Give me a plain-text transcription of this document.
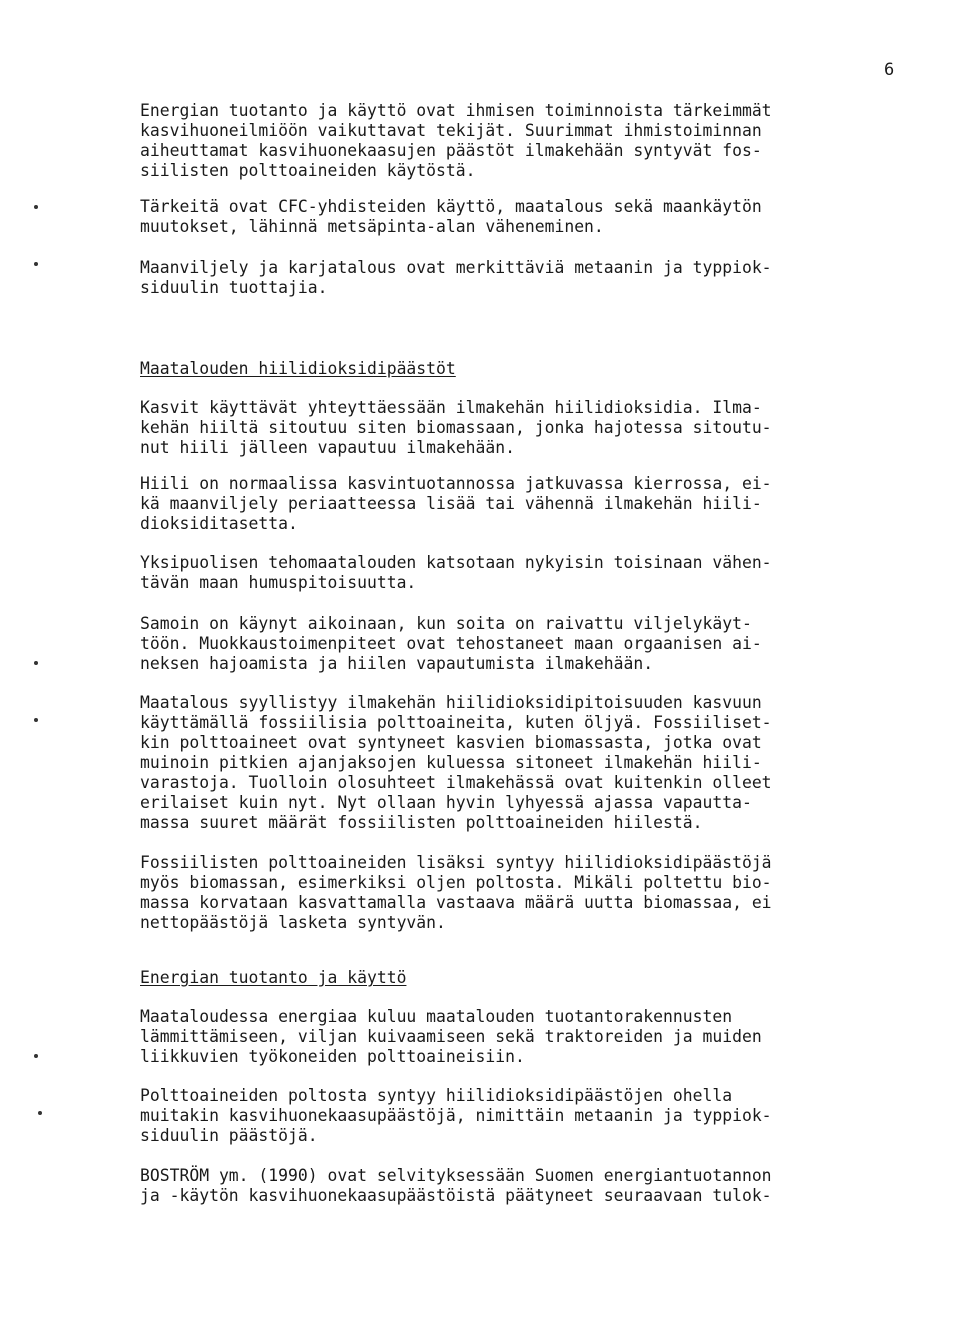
6

Energian tuotanto ja käyttö ovat ihmisen toiminnoista tärkeimmät
kasvihuoneilmiöön vaikuttavat tekijät. Suurimmat ihmistoiminnan
aiheuttamat kasvihuonekaasujen päästöt ilmakehään syntyvät fos-
siilisten polttoaineiden käytöstä.

Tärkeitä ovat CFC-yhdisteiden käyttö, maatalous sekä maankäytön
muutokset, lähinnä metsäpinta-alan väheneminen.

Maanviljely ja karjatalous ovat merkittäviä metaanin ja typpiok-
siduulin tuottajia.

Maatalouden hiilidioksidipäästöt

Kasvit käyttävät yhteyttäessään ilmakehän hiilidioksidia. Ilma-
kehän hiiltä sitoutuu siten biomassaan, jonka hajotessa sitoutu-
nut hiili jälleen vapautuu ilmakehään.

Hiili on normaalissa kasvintuotannossa jatkuvassa kierrossa, ei-
kä maanviljely periaatteessa lisää tai vähennä ilmakehän hiili-
dioksiditasetta.

Yksipuolisen tehomaatalouden katsotaan nykyisin toisinaan vähen-
tävän maan humuspitoisuutta.

Samoin on käynyt aikoinaan, kun soita on raivattu viljelykäyt-
töön. Muokkaustoimenpiteet ovat tehostaneet maan orgaanisen ai-
neksen hajoamista ja hiilen vapautumista ilmakehään.

Maatalous syyllistyy ilmakehän hiilidioksidipitoisuuden kasvuun
käyttämällä fossiilisia polttoaineita, kuten öljyä. Fossiiliset-
kin polttoaineet ovat syntyneet kasvien biomassasta, jotka ovat
muinoin pitkien ajanjaksojen kuluessa sitoneet ilmakehän hiili-
varastoja. Tuolloin olosuhteet ilmakehässä ovat kuitenkin olleet
erilaiset kuin nyt. Nyt ollaan hyvin lyhyessä ajassa vapautta-
massa suuret määrät fossiilisten polttoaineiden hiilestä.

Fossiilisten polttoaineiden lisäksi syntyy hiilidioksidipäästöjä
myös biomassan, esimerkiksi oljen poltosta. Mikäli poltettu bio-
massa korvataan kasvattamalla vastaava määrä uutta biomassaa, ei
nettopäästöjä lasketa syntyvän.

Energian tuotanto ja käyttö

Maataloudessa energiaa kuluu maatalouden tuotantorakennusten
lämmittämiseen, viljan kuivaamiseen sekä traktoreiden ja muiden
liikkuvien työkoneiden polttoaineisiin.

Polttoaineiden poltosta syntyy hiilidioksidipäästöjen ohella
muitakin kasvihuonekaasupäästöjä, nimittäin metaanin ja typpiok-
siduulin päästöjä.

BOSTRÖM ym. (1990) ovat selvityksessään Suomen energiantuotannon
ja -käytön kasvihuonekaasupäästöistä päätyneet seuraavaan tulok-
